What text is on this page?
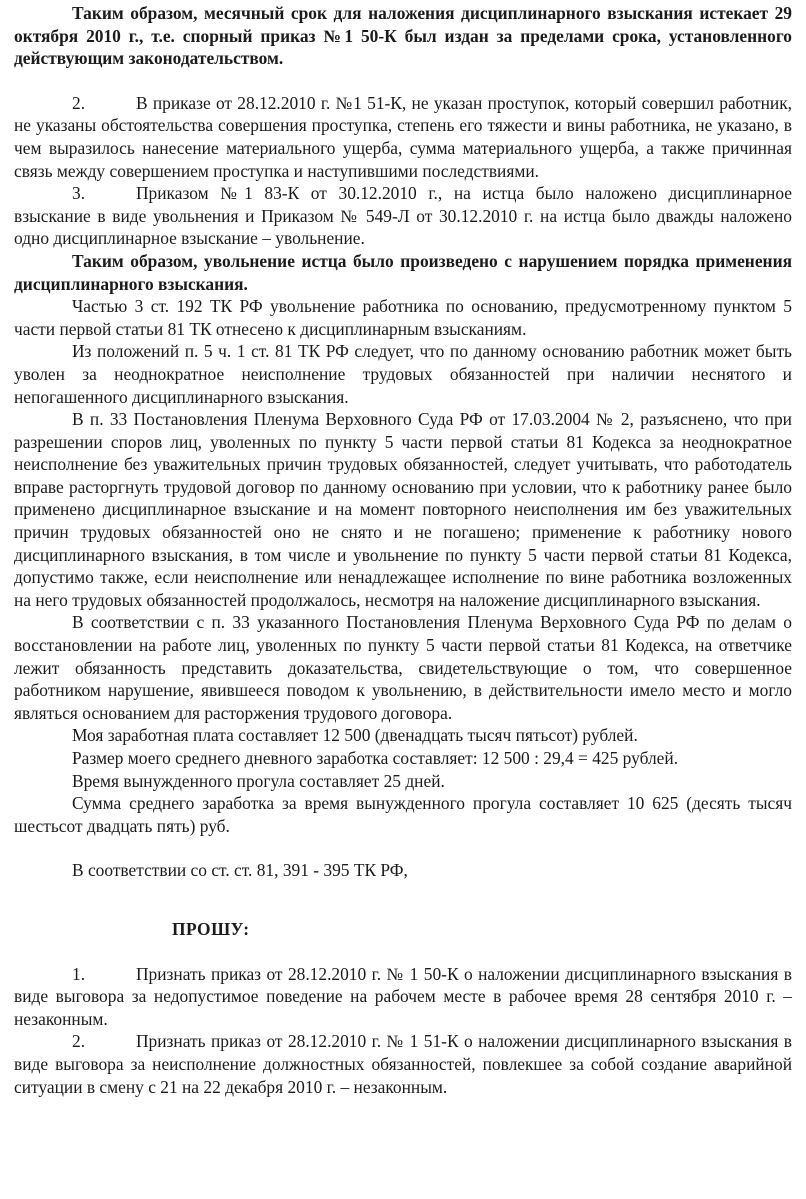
Таким образом, месячный срок для наложения дисциплинарного взыскания истекает 29 октября 2010 г., т.е. спорный приказ №1 50-К был издан за пределами срока, установленного действующим законодательством.

2.	В приказе от 28.12.2010 г. №1 51-К, не указан проступок, который совершил работник, не указаны обстоятельства совершения проступка, степень его тяжести и вины работника, не указано, в чем выразилось нанесение материального ущерба, сумма материального ущерба, а также причинная связь между совершением проступка и наступившими последствиями.

3.	Приказом №1 83-К от 30.12.2010 г., на истца было наложено дисциплинарное взыскание в виде увольнения и Приказом № 549-Л от 30.12.2010 г. на истца было дважды наложено одно дисциплинарное взыскание – увольнение.

Таким образом, увольнение истца было произведено с нарушением порядка применения дисциплинарного взыскания.

Частью 3 ст. 192 ТК РФ увольнение работника по основанию, предусмотренному пунктом 5 части первой статьи 81 ТК отнесено к дисциплинарным взысканиям.

Из положений п. 5 ч. 1 ст. 81 ТК РФ следует, что по данному основанию работник может быть уволен за неоднократное неисполнение трудовых обязанностей при наличии неснятого и непогашенного дисциплинарного взыскания.

В п. 33 Постановления Пленума Верховного Суда РФ от 17.03.2004 № 2, разъяснено, что при разрешении споров лиц, уволенных по пункту 5 части первой статьи 81 Кодекса за неоднократное неисполнение без уважительных причин трудовых обязанностей, следует учитывать, что работодатель вправе расторгнуть трудовой договор по данному основанию при условии, что к работнику ранее было применено дисциплинарное взыскание и на момент повторного неисполнения им без уважительных причин трудовых обязанностей оно не снято и не погашено; применение к работнику нового дисциплинарного взыскания, в том числе и увольнение по пункту 5 части первой статьи 81 Кодекса, допустимо также, если неисполнение или ненадлежащее исполнение по вине работника возложенных на него трудовых обязанностей продолжалось, несмотря на наложение дисциплинарного взыскания.

В соответствии с п. 33 указанного Постановления Пленума Верховного Суда РФ по делам о восстановлении на работе лиц, уволенных по пункту 5 части первой статьи 81 Кодекса, на ответчике лежит обязанность представить доказательства, свидетельствующие о том, что совершенное работником нарушение, явившееся поводом к увольнению, в действительности имело место и могло являться основанием для расторжения трудового договора.

Моя заработная плата составляет 12 500 (двенадцать тысяч пятьсот) рублей.

Размер моего среднего дневного заработка составляет: 12 500 : 29,4 = 425 рублей.

Время вынужденного прогула составляет 25 дней.

Сумма среднего заработка за время вынужденного прогула составляет 10 625 (десять тысяч шестьсот двадцать пять) руб.

В соответствии со ст. ст. 81, 391 - 395 ТК РФ,

ПРОШУ:

1.	Признать приказ от 28.12.2010 г. № 1 50-К о наложении дисциплинарного взыскания в виде выговора за недопустимое поведение на рабочем месте в рабочее время 28 сентября 2010 г. – незаконным.

2.	Признать приказ от 28.12.2010 г. № 1 51-К о наложении дисциплинарного взыскания в виде выговора за неисполнение должностных обязанностей, повлекшее за собой создание аварийной ситуации в смену с 21 на 22 декабря 2010 г. – незаконным.
